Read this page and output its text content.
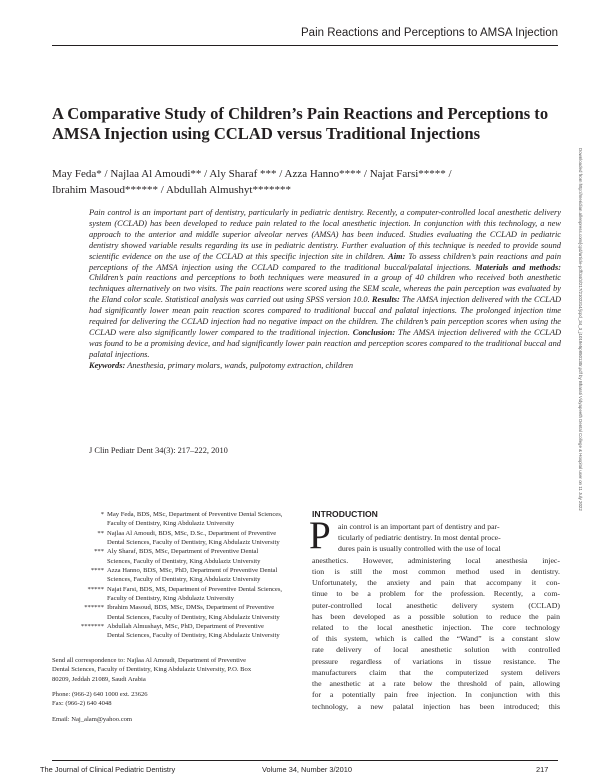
Pain Reactions and Perceptions to AMSA Injection
A Comparative Study of Children’s Pain Reactions and Perceptions to AMSA Injection using CCLAD versus Traditional Injections
May Feda* / Najlaa Al Amoudi** / Aly Sharaf *** / Azza Hanno**** / Najat Farsi***** /
Ibrahim Masoud****** / Abdullah Almushyt*******
Pain control is an important part of dentistry, particularly in pediatric dentistry. Recently, a computer-controlled local anesthetic delivery system (CCLAD) has been developed to reduce pain related to the local anesthetic injection. In conjunction with this technology, a new approach to the anterior and middle superior alveolar nerves (AMSA) has been induced. Studies evaluating the CCLAD in pediatric dentistry showed variable results regarding its use in pediatric dentistry. Further evaluation of this technique is needed to provide sound scientific evidence on the use of the CCLAD at this specific injection site in children. Aim: To assess children’s pain reactions and pain perceptions of the AMSA injection using the CCLAD compared to the traditional buccal/palatal injections. Materials and methods: Children’s pain reactions and perceptions to both techniques were measured in a group of 40 children who received both anesthetic techniques alternatively on two visits. The pain reactions were scored using the SEM scale, whereas the pain perception was evaluated by the Eland color scale. Statistical analysis was carried out using SPSS version 10.0. Results: The AMSA injection delivered with the CCLAD had significantly lower mean pain reaction scores compared to traditional buccal and palatal injections. The prolonged injection time required for delivering the CCLAD injection had no negative impact on the children. The children’s pain perception scores when using the CCLAD were also significantly lower compared to the traditional injection. Conclusion: The AMSA injection delivered with the CCLAD was found to be a promising device, and had significantly lower pain reaction and perception scores compared to the traditional buccal and palatal injections.
Keywords: Anesthesia, primary molars, wands, pulpotomy extraction, children
J Clin Pediatr Dent 34(3): 217–222, 2010	Downloaded from http://meridian.allenpress.com/jcpd/article-pdf/34/3/217/2102314/jcpd_34_3_j1018e5p850130r.pdf by Bharati Vidyapeeth Dental College & Hospital user on 11 July 2022
* May Feda, BDS, MSc, Department of Preventive Dental Sciences,
Faculty of Dentistry, King Abdulaziz University
** Najlaa Al Amoudi, BDS, MSc, D.Sc., Department of Preventive
Dental Sciences, Faculty of Dentistry, King Abdulaziz University
*** Aly Sharaf, BDS, MSc, Department of Preventive Dental
Sciences, Faculty of Dentistry, King Abdulaziz University
**** Azza Hanno, BDS, MSc, PhD, Department of Preventive Dental
Sciences, Faculty of Dentistry, King Abdulaziz University
***** Najat Farsi, BDS, MS, Department of Preventive Dental Sciences,
Faculty of Dentistry, King Abdulaziz University
****** Ibrahim Masoud, BDS, MSc, DMSs, Department of Preventive
Dental Sciences, Faculty of Dentistry, King Abdulaziz University
******* Abdullah Almushayt, MSc, PhD, Department of Preventive
Dental Sciences, Faculty of Dentistry, King Abdulaziz University
Send all correspondence to: Najlaa Al Amoudi, Department of Preventive
Dental Sciences, Faculty of Dentistry, King Abdulaziz University, P.O. Box
80209, Jeddah 21089, Saudi Arabia
Phone: (966-2) 640 1000 ext. 23626
Fax: (966-2) 640 4048
Email: Naj_alam@yahoo.com
INTRODUCTION
P ain control is an important part of dentistry and par-
ticularly of pediatric dentistry. In most dental proce-
dures pain is usually controlled with the use of local
anesthetics. However, administering local anesthesia injec-
tion is still the most common method used in dentistry.
Unfortunately, the anxiety and pain that accompany it con-
tinue to be a problem for the profession. Recently, a com-
puter-controlled local anesthetic delivery system (CCLAD)
has been developed as a possible solution to reduce the pain
related to the local anesthetic injection. The core technology
of this system, which is called the “Wand” is a constant slow
rate delivery of local anesthetic solution with controlled
pressure regardless of variations in tissue resistance. The
manufacturers claim that the computerized system delivers
the anesthetic at a rate below the threshold of pain, allowing
for a potentially pain free injection. In conjunction with this
technology, a new palatal injection has been introduced; this
The Journal of Clinical Pediatric Dentistry	Volume 34, Number 3/2010	217
